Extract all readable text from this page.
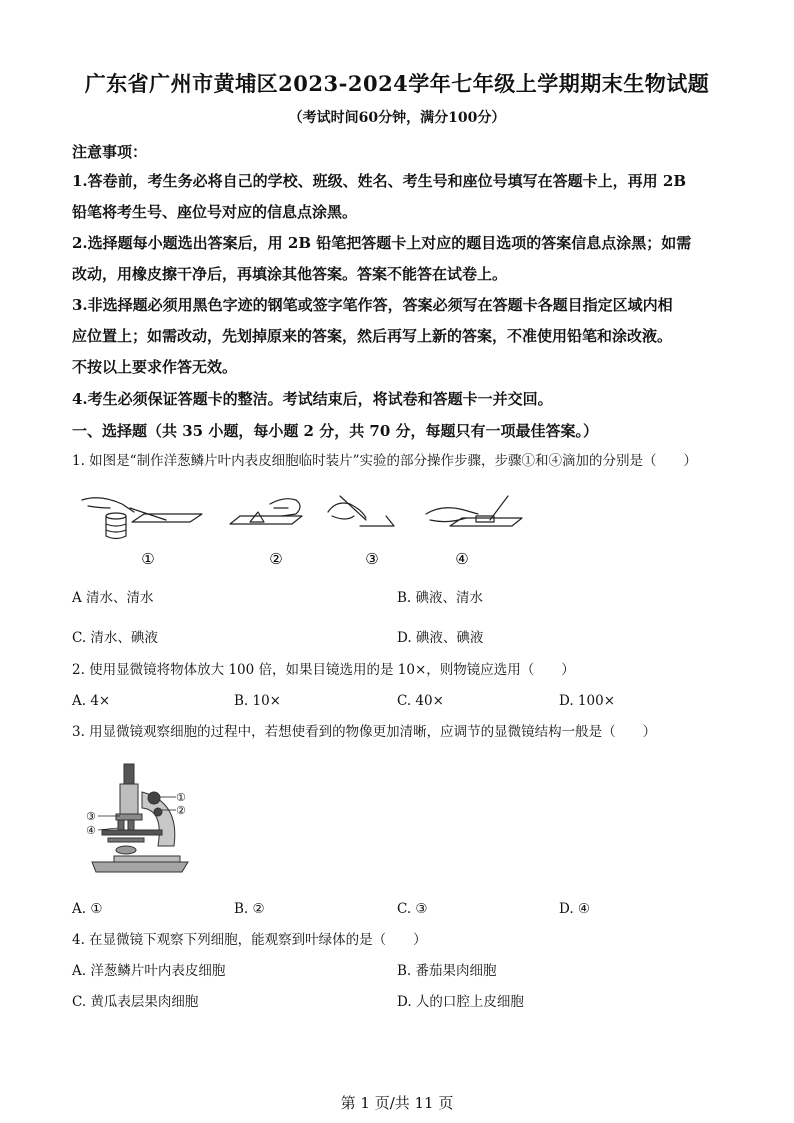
广东省广州市黄埔区2023-2024学年七年级上学期期末生物试题
（考试时间60分钟，满分100分）
注意事项：
1.答卷前，考生务必将自己的学校、班级、姓名、考生号和座位号填写在答题卡上，再用 2B
铅笔将考生号、座位号对应的信息点涂黑。
2.选择题每小题选出答案后，用 2B 铅笔把答题卡上对应的题目选项的答案信息点涂黑；如需
改动，用橡皮擦干净后，再填涂其他答案。答案不能答在试卷上。
3.非选择题必须用黑色字迹的钢笔或签字笔作答，答案必须写在答题卡各题目指定区域内相
应位置上；如需改动，先划掉原来的答案，然后再写上新的答案，不准使用铅笔和涂改液。
不按以上要求作答无效。
4.考生必须保证答题卡的整洁。考试结束后，将试卷和答题卡一并交回。
一、选择题（共 35 小题，每小题 2 分，共 70 分，每题只有一项最佳答案。）
1. 如图是“制作洋葱鳞片叶内表皮细胞临时装片”实验的部分操作步骤，步骤①和④滴加的分别是（　　）
①	②	③	④
A 清水、清水	B. 碘液、清水
C. 清水、碘液	D. 碘液、碘液
2. 使用显微镜将物体放大 100 倍，如果目镜选用的是 10×，则物镜应选用（　　）
A. 4×	B. 10×	C. 40×	D. 100×
3. 用显微镜观察细胞的过程中，若想使看到的物像更加清晰，应调节的显微镜结构一般是（　　）
①
②
③
④
A. ①	B. ②	C. ③	D. ④
4. 在显微镜下观察下列细胞，能观察到叶绿体的是（　　）
A. 洋葱鳞片叶内表皮细胞	B. 番茄果肉细胞
C. 黄瓜表层果肉细胞	D. 人的口腔上皮细胞
第 1 页/共 11 页
